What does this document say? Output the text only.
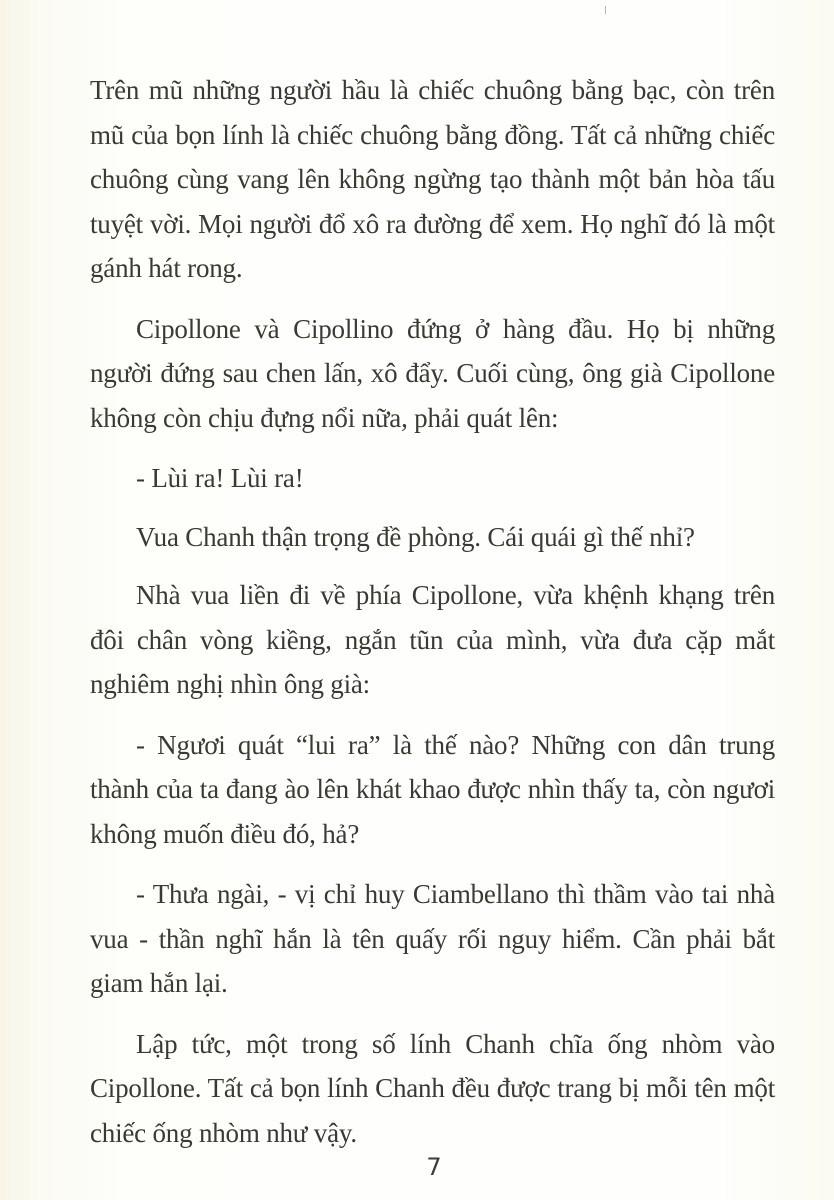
Trên mũ những người hầu là chiếc chuông bằng bạc, còn trên mũ của bọn lính là chiếc chuông bằng đồng. Tất cả những chiếc chuông cùng vang lên không ngừng tạo thành một bản hòa tấu tuyệt vời. Mọi người đổ xô ra đường để xem. Họ nghĩ đó là một gánh hát rong.

Cipollone và Cipollino đứng ở hàng đầu. Họ bị những người đứng sau chen lấn, xô đẩy. Cuối cùng, ông già Cipollone không còn chịu đựng nổi nữa, phải quát lên:

- Lùi ra! Lùi ra!

Vua Chanh thận trọng đề phòng. Cái quái gì thế nhỉ?

Nhà vua liền đi về phía Cipollone, vừa khệnh khạng trên đôi chân vòng kiềng, ngắn tũn của mình, vừa đưa cặp mắt nghiêm nghị nhìn ông già:

- Ngươi quát “lui ra” là thế nào? Những con dân trung thành của ta đang ào lên khát khao được nhìn thấy ta, còn ngươi không muốn điều đó, hả?

- Thưa ngài, - vị chỉ huy Ciambellano thì thầm vào tai nhà vua - thần nghĩ hắn là tên quấy rối nguy hiểm. Cần phải bắt giam hắn lại.

Lập tức, một trong số lính Chanh chĩa ống nhòm vào Cipollone. Tất cả bọn lính Chanh đều được trang bị mỗi tên một chiếc ống nhòm như vậy.

7
